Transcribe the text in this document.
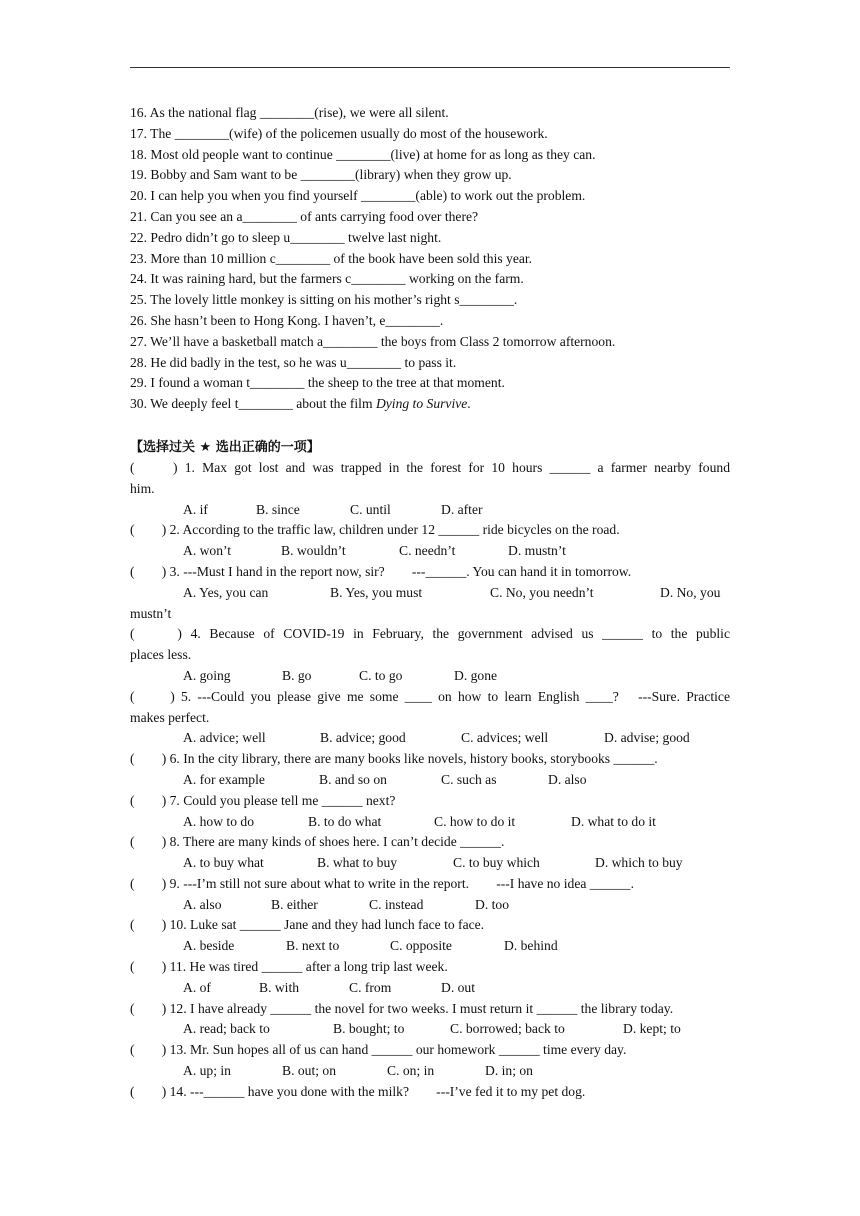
16. As the national flag ________(rise), we were all silent.
17. The ________(wife) of the policemen usually do most of the housework.
18. Most old people want to continue ________(live) at home for as long as they can.
19. Bobby and Sam want to be ________(library) when they grow up.
20. I can help you when you find yourself ________(able) to work out the problem.
21. Can you see an a________ of ants carrying food over there?
22. Pedro didn’t go to sleep u________ twelve last night.
23. More than 10 million c________ of the book have been sold this year.
24. It was raining hard, but the farmers c________ working on the farm.
25. The lovely little monkey is sitting on his mother’s right s________.
26. She hasn’t been to Hong Kong. I haven’t, e________.
27. We’ll have a basketball match a________ the boys from Class 2 tomorrow afternoon.
28. He did badly in the test, so he was u________ to pass it.
29. I found a woman t________ the sheep to the tree at that moment.
30. We deeply feel t________ about the film Dying to Survive.
【选择过关 ★ 选出正确的一项】
(　　) 1. Max got lost and was trapped in the forest for 10 hours ______ a farmer nearby found
him.
A. if	B. since	C. until	D. after
(　　) 2. According to the traffic law, children under 12 ______ ride bicycles on the road.
A. won’t	B. wouldn’t	C. needn’t	D. mustn’t
(　　) 3. ---Must I hand in the report now, sir?　　---______. You can hand it in tomorrow.
A. Yes, you can	B. Yes, you must	C. No, you needn’t	D. No, you
mustn’t
(　　) 4. Because of COVID-19 in February, the government advised us ______ to the public
places less.
A. going	B. go	C. to go	D. gone
(　　) 5. ---Could you please give me some ____ on how to learn English ____?　---Sure. Practice
makes perfect.
A. advice; well	B. advice; good	C. advices; well	D. advise; good
(　　) 6. In the city library, there are many books like novels, history books, storybooks ______.
A. for example	B. and so on	C. such as	D. also
(　　) 7. Could you please tell me ______ next?
A. how to do	B. to do what	C. how to do it	D. what to do it
(　　) 8. There are many kinds of shoes here. I can’t decide ______.
A. to buy what	B. what to buy	C. to buy which	D. which to buy
(　　) 9. ---I’m still not sure about what to write in the report.　　---I have no idea ______.
A. also	B. either	C. instead	D. too
(　　) 10. Luke sat ______ Jane and they had lunch face to face.
A. beside	B. next to	C. opposite	D. behind
(　　) 11. He was tired ______ after a long trip last week.
A. of	B. with	C. from	D. out
(　　) 12. I have already ______ the novel for two weeks. I must return it ______ the library today.
A. read; back to	B. bought; to	C. borrowed; back to	D. kept; to
(　　) 13. Mr. Sun hopes all of us can hand ______ our homework ______ time every day.
A. up; in	B. out; on	C. on; in	D. in; on
(　　) 14. ---______ have you done with the milk?　　---I’ve fed it to my pet dog.
